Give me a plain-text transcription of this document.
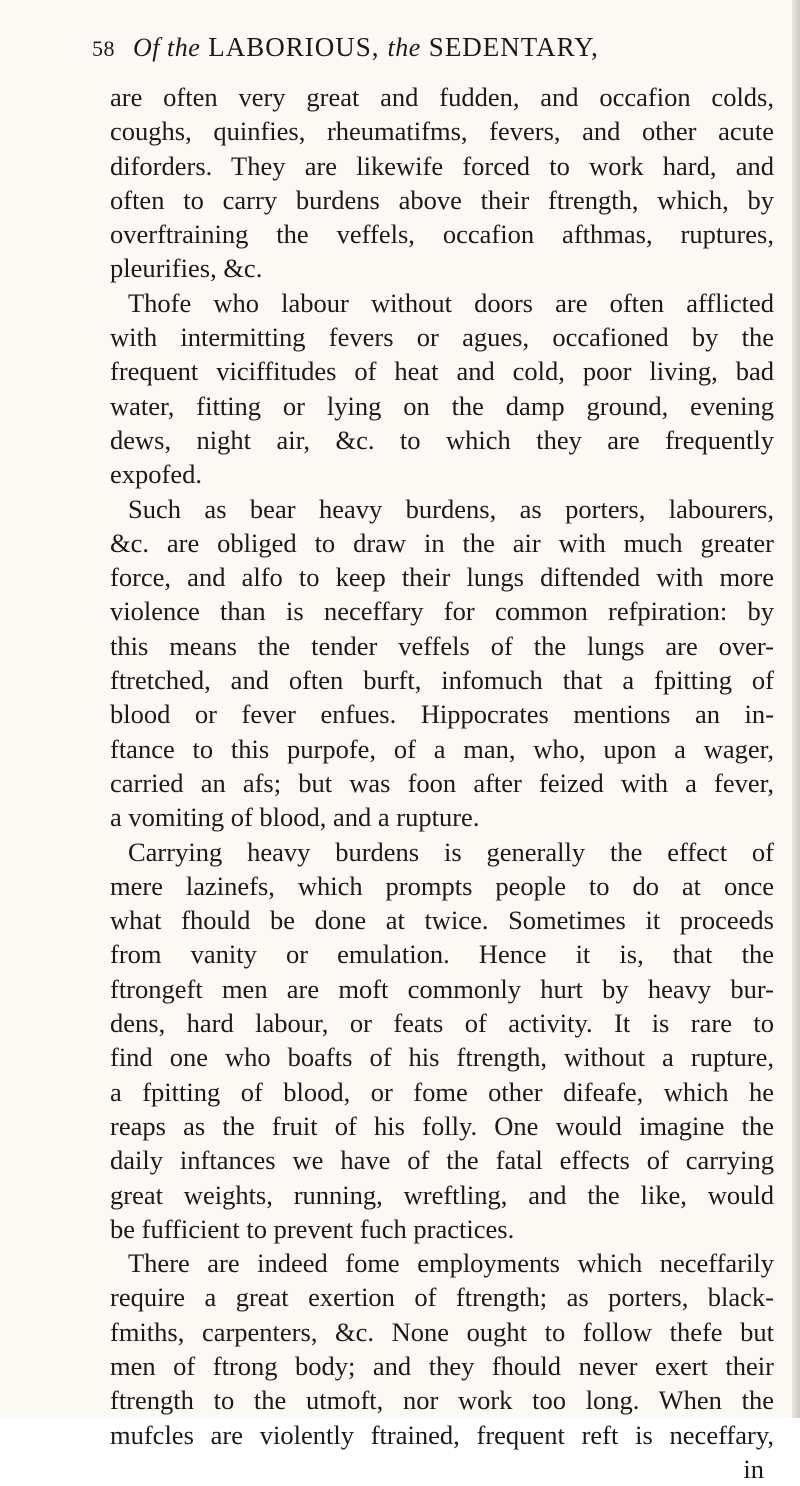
58 Of the LABORIOUS, the SEDENTARY,
are often very great and fudden, and occafion colds,
coughs, quinfies, rheumatifms, fevers, and other acute
diforders. They are likewife forced to work hard, and
often to carry burdens above their ftrength, which, by
overftraining the veffels, occafion afthmas, ruptures,
pleurifies, &c.
Thofe who labour without doors are often afflicted
with intermitting fevers or agues, occafioned by the
frequent viciffitudes of heat and cold, poor living, bad
water, fitting or lying on the damp ground, evening
dews, night air, &c. to which they are frequently
expofed.
Such as bear heavy burdens, as porters, labourers,
&c. are obliged to draw in the air with much greater
force, and alfo to keep their lungs diftended with more
violence than is neceffary for common refpiration: by
this means the tender veffels of the lungs are over-
ftretched, and often burft, infomuch that a fpitting of
blood or fever enfues. Hippocrates mentions an in-
ftance to this purpofe, of a man, who, upon a wager,
carried an afs; but was foon after feized with a fever,
a vomiting of blood, and a rupture.
Carrying heavy burdens is generally the effect of
mere lazinefs, which prompts people to do at once
what fhould be done at twice. Sometimes it proceeds
from vanity or emulation. Hence it is, that the
ftrongeft men are moft commonly hurt by heavy bur-
dens, hard labour, or feats of activity. It is rare to
find one who boafts of his ftrength, without a rupture,
a fpitting of blood, or fome other difeafe, which he
reaps as the fruit of his folly. One would imagine the
daily inftances we have of the fatal effects of carrying
great weights, running, wreftling, and the like, would
be fufficient to prevent fuch practices.
There are indeed fome employments which neceffarily
require a great exertion of ftrength; as porters, black-
fmiths, carpenters, &c. None ought to follow thefe but
men of ftrong body; and they fhould never exert their
ftrength to the utmoft, nor work too long. When the
mufcles are violently ftrained, frequent reft is neceffary,
in
